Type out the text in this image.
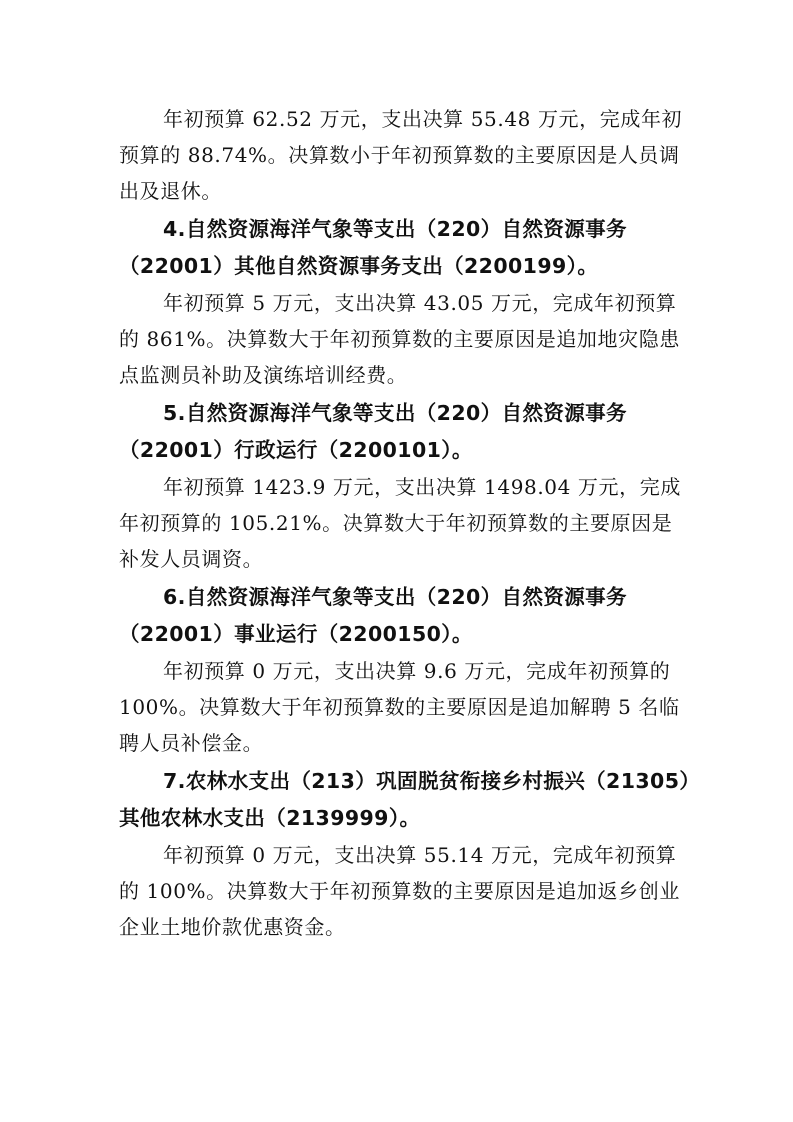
年初预算 62.52 万元，支出决算 55.48 万元，完成年初
预算的 88.74%。决算数小于年初预算数的主要原因是人员调
出及退休。

4.自然资源海洋气象等支出（220）自然资源事务
（22001）其他自然资源事务支出（2200199）。

年初预算 5 万元，支出决算 43.05 万元，完成年初预算
的 861%。决算数大于年初预算数的主要原因是追加地灾隐患
点监测员补助及演练培训经费。

5.自然资源海洋气象等支出（220）自然资源事务
（22001）行政运行（2200101）。

年初预算 1423.9 万元，支出决算 1498.04 万元，完成
年初预算的 105.21%。决算数大于年初预算数的主要原因是
补发人员调资。

6.自然资源海洋气象等支出（220）自然资源事务
（22001）事业运行（2200150）。

年初预算 0 万元，支出决算 9.6 万元，完成年初预算的
100%。决算数大于年初预算数的主要原因是追加解聘 5 名临
聘人员补偿金。

7.农林水支出（213）巩固脱贫衔接乡村振兴（21305）
其他农林水支出（2139999）。

年初预算 0 万元，支出决算 55.14 万元，完成年初预算
的 100%。决算数大于年初预算数的主要原因是追加返乡创业
企业土地价款优惠资金。
